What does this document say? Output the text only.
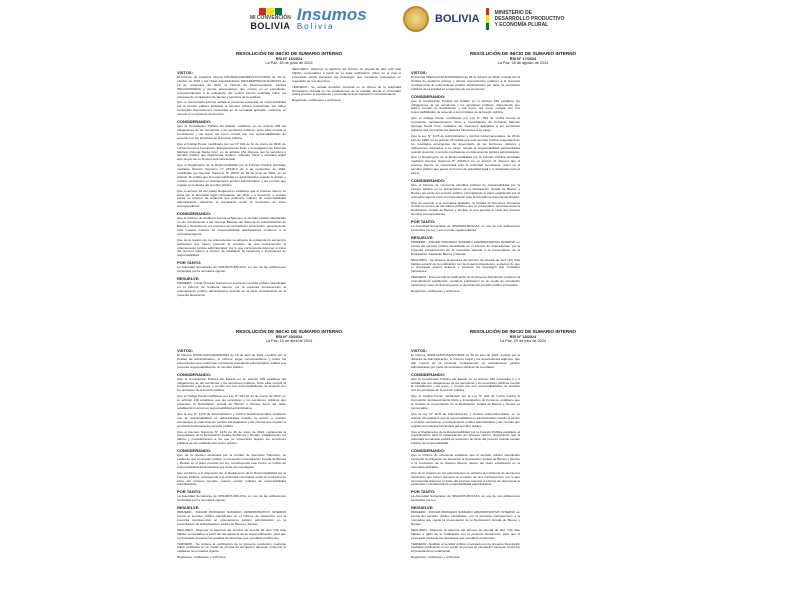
MI CONVENCIÓN
BOLIVIA
Insumos
Bolivia
BOLIVIA	MINISTERIO DE DESARROLLO PRODUCTIVO Y ECONOMÍA PLURAL
RESOLUCIÓN DE INICIO DE SUMARIO INTERNO
RSI N° 16/2024
La Paz, 18 de junio de 2024
VISTOS:

El Informe de Auditoría Interna INF/AMI/GCE/MDPI/LTC/17/2023 de 29 de octubre de 2023 y las Hojas Administrativas INF/ADM/PPEC/1/111/2023/1 de 12 de noviembre de 2023, el Informe de Recomendación Jurídica INF/JJ/LPD/2024 y demás antecedentes que cursan en el expediente, correspondientes a la evaluación del control interno realizada sobre los procesos de contratación de bienes y servicios de la entidad.

Que el mencionado informe señala la presunta existencia de responsabilidad por la función pública atribuible al servidor público involucrado, por haber incumplido disposiciones contenidas en la normativa aplicable, conforme se expone en el presente documento.

CONSIDERANDO:

Que la Constitución Política del Estado, establece en su artículo 235 las obligaciones de las servidoras y los servidores públicos, entre ellas cumplir la Constitución y las leyes, así como cumplir con sus responsabilidades de acuerdo con los principios de la función pública.

Que el Código Penal, modificado por Ley N° 004 de 31 de marzo de 2010, de Lucha Contra la Corrupción, Enriquecimiento Ilícito e Investigación de Fortunas Marcelo Quiroga Santa Cruz, en su artículo 154 dispone que la servidora o servidor público que ilegalmente omitiere, rehusare hacer o retardare algún acto propio de su función será sancionado.

Que el Reglamento de la Responsabilidad por la Función Pública aprobado mediante Decreto Supremo N° 23318-A de 3 de noviembre de 1992, modificado por Decreto Supremo N° 26237 de 29 de junio de 2001, en su artículo 16 señala que la responsabilidad es administrativa cuando la acción u omisión contraviene el ordenamiento jurídico administrativo y las normas que regulan la conducta del servidor público.

Que el artículo 18 del citado Reglamento establece que el proceso interno se inicia por la autoridad legal competente, de oficio o a denuncia, o cuando exista un informe de auditoría que evidencie indicios de responsabilidad administrativa, debiendo el sumariante emitir la resolución de inicio correspondiente.

CONSIDERANDO:

Que el Informe de Auditoría Interna señala que el servidor público identificado no dio cumplimiento a las Normas Básicas del Sistema de Administración de Bienes y Servicios en los procesos de contratación observados, generando de esta manera indicios de responsabilidad administrativa conforme a la normativa vigente.

Que de la revisión de los antecedentes se advierte la existencia de elementos suficientes que hacen presumir la comisión de una contravención al ordenamiento jurídico administrativo, por lo que corresponde disponer el inicio del proceso interno a efectos de establecer la existencia o inexistencia de responsabilidad.

POR TANTO:

La Autoridad Sumariante de INSUMOS-BOLIVIA, en uso de las atribuciones conferidas por la normativa vigente:

RESUELVE:

PRIMERO.- Iniciar Proceso Sumario en contra del servidor público identificado en el Informe de Auditoría Interna, por la presunta contravención al ordenamiento jurídico administrativo descrito en la parte considerativa de la presente Resolución.

SEGUNDO.- Disponer la apertura del término de prueba de diez (10) días hábiles computables a partir de su legal notificación, plazo en el cual el procesado podrá presentar los descargos que considere pertinentes en resguardo de sus derechos.

TERCERO.- Se señala domicilio procesal en la oficina de la Autoridad Sumariante ubicada en las instalaciones de la entidad, donde el procesado podrá acceder al expediente y presentar la documentación correspondiente.

Regístrese, notifíquese y archívese.

RESOLUCIÓN DE INICIO DE SUMARIO INTERNO
RSI N° 17/2024
La Paz, 26 de agosto de 2024
VISTOS:

El Informe INSOL/GAF/UAA/045/2024 de 26 de febrero de 2024, emitido por la Unidad de Auditoría Interna y demás antecedentes relativos a la presunta contravención al ordenamiento jurídico administrativo por parte de servidores públicos de la entidad en el ejercicio de sus funciones.

CONSIDERANDO:

Que la Constitución Política del Estado en el artículo 235 establece las obligaciones de las servidoras y los servidores públicos, disponiendo que deben cumplir la Constitución y las leyes, así como cumplir con sus responsabilidades de acuerdo a los principios de la función pública.

Que el Código Penal, modificado por Ley N° 004 de Lucha Contra la Corrupción, Enriquecimiento Ilícito e Investigación de Fortunas Marcelo Quiroga Santa Cruz, establece las sanciones aplicables a los servidores públicos que incumplan los deberes inherentes a su cargo.

Que la Ley N° 1178 de Administración y Control Gubernamentales, de 20 de julio de 1990, en su artículo 28 señala que todo servidor público responderá de los resultados emergentes del desempeño de las funciones, deberes y atribuciones asignados a su cargo, siendo la responsabilidad administrativa cuando la acción u omisión contraviene el ordenamiento jurídico administrativo.

Que el Reglamento de la Responsabilidad por la Función Pública aprobado mediante Decreto Supremo N° 23318-A, en su artículo 21 dispone que el proceso interno se sustanciará ante la autoridad sumariante, quien es el servidor público que ejerce la función de autoridad legal o el designado para el efecto.

CONSIDERANDO:

Que el informe de referencia identifica indicios de responsabilidad por la función pública en la presentación de la Declaración Jurada de Bienes y Rentas por parte del servidor público, incumpliendo el plazo establecido por la normativa vigente para su presentación ante la Contraloría General del Estado.

Que de acuerdo a la normativa aplicable, la Unidad de Recursos Humanos remitió la nómina de servidores públicos que no presentaron oportunamente la Declaración Jurada de Bienes y Rentas, lo que amerita el inicio del proceso sumario correspondiente.

POR TANTO:

La Autoridad Sumariante de INSUMOS-BOLIVIA, en uso de sus atribuciones conferidas por ley y sus normas reglamentarias:

RESUELVE:

PRIMERO.- INICIAR PROCESO SUMARIO ADMINISTRATIVO INTERNO en contra del servidor público identificado en el informe de antecedentes, por la presunta contravención de la normativa referida a la presentación de la Declaración Jurada de Bienes y Rentas.

SEGUNDO.- Se dispone la apertura del término de prueba de diez (10) días hábiles a partir de la notificación con la presente Resolución, a efectos de que el procesado asuma defensa y presente los descargos que considere pertinentes.

TERCERO.- Encomendar la notificación de la presente Resolución conforme al procedimiento establecido, mediante publicación en un medio de circulación nacional en caso de desconocerse el domicilio del servidor público procesado.

Regístrese, notifíquese y archívese.

RESOLUCIÓN DE INICIO DE SUMARIO INTERNO
RSI N° 20/2024
La Paz, 19 de abril de 2024
VISTOS:

El Informe INSOL/GAF/UAI/026/2024 de 18 de abril de 2024, remitido por la Unidad de Administración, el Informe Legal correspondiente y todos los antecedentes que conforman el presente expediente administrativo relativo a la presunta responsabilidad de un servidor público.

CONSIDERANDO:

Que la Constitución Política del Estado en su artículo 235 establece las obligaciones de las servidoras y los servidores públicos, entre ellas cumplir la Constitución y las leyes, y cumplir con sus responsabilidades de acuerdo con los principios de la función pública.

Que el Código Penal modificado por Ley N° 004 de 31 de marzo de 2010, en su artículo 149 establece que las servidoras y los servidores públicos que presenten la Declaración Jurada de Bienes y Rentas fuera del plazo establecido incurren en responsabilidad administrativa.

Que la Ley N° 1178 de Administración y Control Gubernamentales establece que la responsabilidad es administrativa cuando la acción u omisión contraviene el ordenamiento jurídico administrativo y las normas que regulan la conducta funcionaria del servidor público.

Que el Decreto Supremo N° 1233 de 16 de mayo de 2012, reglamenta la presentación de la Declaración Jurada de Bienes y Rentas, estableciendo los plazos y procedimientos a los que se encuentran sujetos los servidores públicos de las entidades del sector público.

CONSIDERANDO:

Que de la revisión efectuada por la Unidad de Recursos Humanos, se evidenció que el servidor público no presentó su Declaración Jurada de Bienes y Rentas en el plazo previsto por ley, constituyendo este hecho un indicio de responsabilidad administrativa que debe ser investigado.

Que conforme a lo dispuesto por el Reglamento de la Responsabilidad por la Función Pública, corresponde a la autoridad sumariante emitir la resolución de inicio del proceso sumario cuando existan indicios de responsabilidad administrativa.

POR TANTO:

La Autoridad Sumariante de INSUMOS-BOLIVIA, en uso de las atribuciones conferidas por la normativa vigente:

RESUELVE:

PRIMERO.- INICIAR PROCESO SUMARIO ADMINISTRATIVO INTERNO contra el servidor público identificado en el informe de referencia, por la presunta contravención al ordenamiento jurídico administrativo en la presentación de la Declaración Jurada de Bienes y Rentas.

SEGUNDO.- Disponer la apertura del término de prueba de diez (10) días hábiles computables a partir del día siguiente de su legal notificación, para que el procesado presente las pruebas de descargo que considere pertinentes.

TERCERO.- Se ordena la notificación de la presente resolución mediante edicto publicado en un medio de prensa de circulación nacional, conforme lo establece la normativa vigente.

Regístrese, notifíquese y archívese.

RESOLUCIÓN DE INICIO DE SUMARIO INTERNO
RSI N° 18/2024
La Paz, 29 de julio de 2024
VISTOS:

El Informe INSOL/GAF/UAA/027/2024 de 26 de julio de 2024, emitido por la Jefatura de Administración, el Informe Legal y los antecedentes adjuntos, que dan cuenta de la presunta contravención al ordenamiento jurídico administrativo por parte de servidores públicos de la entidad.

CONSIDERANDO:

Que la Constitución Política del Estado en su artículo 235 numerales 1 y 2 señala que son obligaciones de las servidoras y los servidores públicos cumplir la Constitución y las leyes, y cumplir con sus responsabilidades de acuerdo con los principios de la función pública.

Que el Código Penal, modificado por la Ley N° 004 de Lucha Contra la Corrupción, Enriquecimiento Ilícito e Investigación de Fortunas, establece que la omisión de presentación de la Declaración Jurada de Bienes y Rentas es sancionable.

Que la Ley N° 1178 de Administración y Control Gubernamentales, en su artículo 29 establece que la responsabilidad es administrativa cuando la acción u omisión contraviene el ordenamiento jurídico administrativo y las normas que regulan la conducta funcionaria del servidor público.

Que el Reglamento de la Responsabilidad por la Función Pública establece el procedimiento para la sustanciación del proceso interno, disponiendo que la autoridad sumariante emitirá la resolución de inicio del proceso cuando existan indicios de responsabilidad.

CONSIDERANDO:

Que el informe de referencia establece que el servidor público identificado incumplió la obligación de presentar la Declaración Jurada de Bienes y Rentas a la conclusión de la relación laboral, dentro del plazo establecido en la normativa aplicable.

Que de la revisión de los antecedentes se advierte la existencia de elementos suficientes que hacen presumir la comisión de una contravención, por lo que corresponde disponer el inicio del proceso sumario a efectos de determinar la existencia o inexistencia de responsabilidad administrativa.

POR TANTO:

La Autoridad Sumariante de INSUMOS-BOLIVIA, en uso de sus atribuciones conferidas por ley:

RESUELVE:

PRIMERO.- INICIAR PROCESO SUMARIO ADMINISTRATIVO INTERNO en contra del servidor público identificado, por la presunta contravención a la normativa que regula la presentación de la Declaración Jurada de Bienes y Rentas.

SEGUNDO.- Disponer la apertura del término de prueba de diez (10) días hábiles a partir de la notificación con la presente Resolución, para que el procesado presente los descargos que considere pertinentes.

TERCERO.- Notificar al servidor público procesado con la presente Resolución mediante publicación en un medio de prensa de circulación nacional, conforme al procedimiento establecido.

Regístrese, notifíquese y archívese.
